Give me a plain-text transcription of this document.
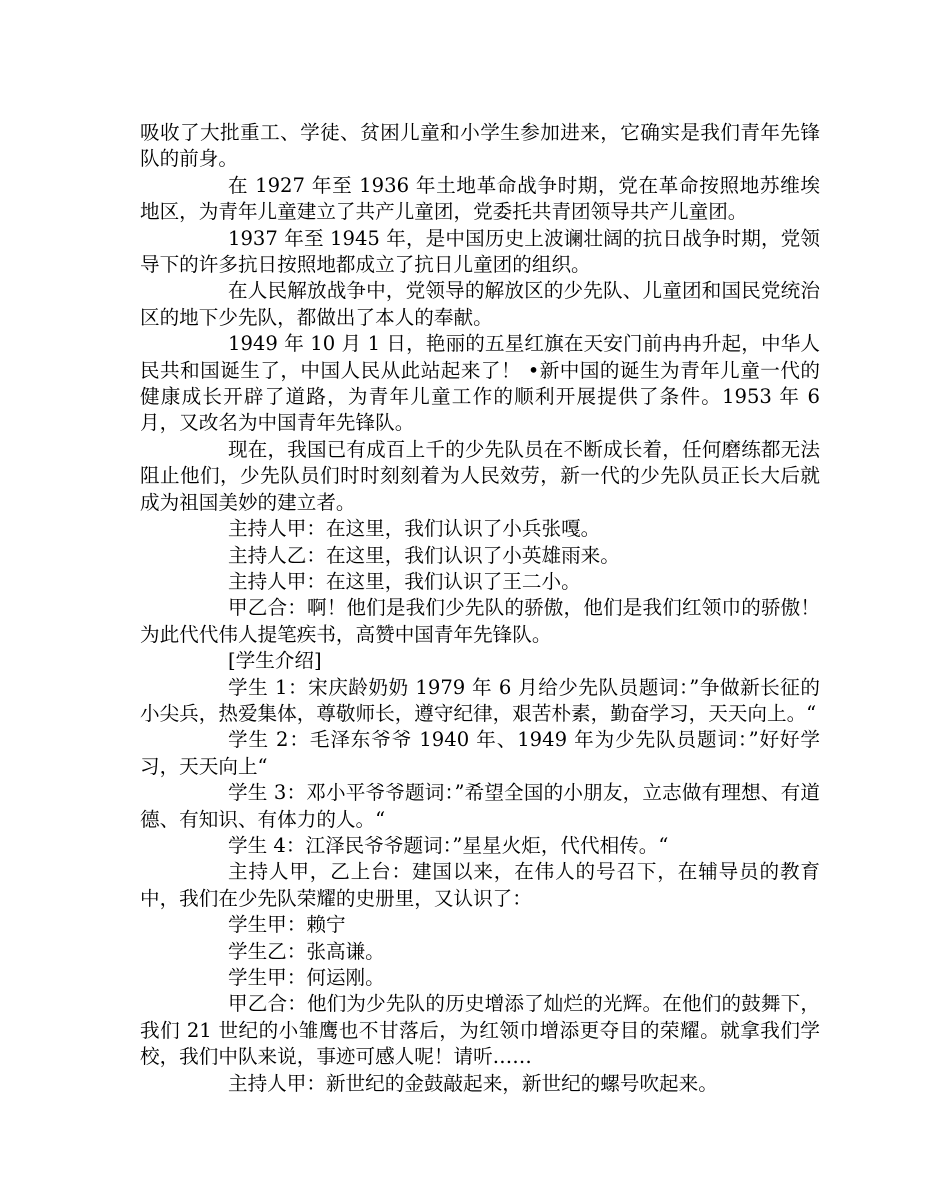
吸收了大批重工、学徒、贫困儿童和小学生参加进来，它确实是我们青年先锋队的前身。

在 1927 年至 1936 年土地革命战争时期，党在革命按照地苏维埃地区，为青年儿童建立了共产儿童团，党委托共青团领导共产儿童团。

1937 年至 1945 年，是中国历史上波谰壮阔的抗日战争时期，党领导下的许多抗日按照地都成立了抗日儿童团的组织。

在人民解放战争中，党领导的解放区的少先队、儿童团和国民党统治区的地下少先队，都做出了本人的奉献。

1949 年 10 月 1 日，艳丽的五星红旗在天安门前冉冉升起，中华人民共和国诞生了，中国人民从此站起来了！ •新中国的诞生为青年儿童一代的健康成长开辟了道路，为青年儿童工作的顺利开展提供了条件。1953 年 6 月，又改名为中国青年先锋队。

现在，我国已有成百上千的少先队员在不断成长着，任何磨练都无法阻止他们，少先队员们时时刻刻着为人民效劳，新一代的少先队员正长大后就成为祖国美妙的建立者。

主持人甲：在这里，我们认识了小兵张嘎。

主持人乙：在这里，我们认识了小英雄雨来。

主持人甲：在这里，我们认识了王二小。

甲乙合：啊！他们是我们少先队的骄傲，他们是我们红领巾的骄傲！为此代代伟人提笔疾书，高赞中国青年先锋队。

[学生介绍]

学生 1：宋庆龄奶奶 1979 年 6 月给少先队员题词：”争做新长征的小尖兵，热爱集体，尊敬师长，遵守纪律，艰苦朴素，勤奋学习，天天向上。“

学生 2：毛泽东爷爷 1940 年、1949 年为少先队员题词：”好好学习，天天向上“

学生 3：邓小平爷爷题词：”希望全国的小朋友，立志做有理想、有道德、有知识、有体力的人。“

学生 4：江泽民爷爷题词：”星星火炬，代代相传。“

主持人甲，乙上台：建国以来，在伟人的号召下，在辅导员的教育中，我们在少先队荣耀的史册里，又认识了：

学生甲：赖宁

学生乙：张高谦。

学生甲：何运刚。

甲乙合：他们为少先队的历史增添了灿烂的光辉。在他们的鼓舞下，我们 21 世纪的小雏鹰也不甘落后，为红领巾增添更夺目的荣耀。就拿我们学校，我们中队来说，事迹可感人呢！请听……

主持人甲：新世纪的金鼓敲起来，新世纪的螺号吹起来。
